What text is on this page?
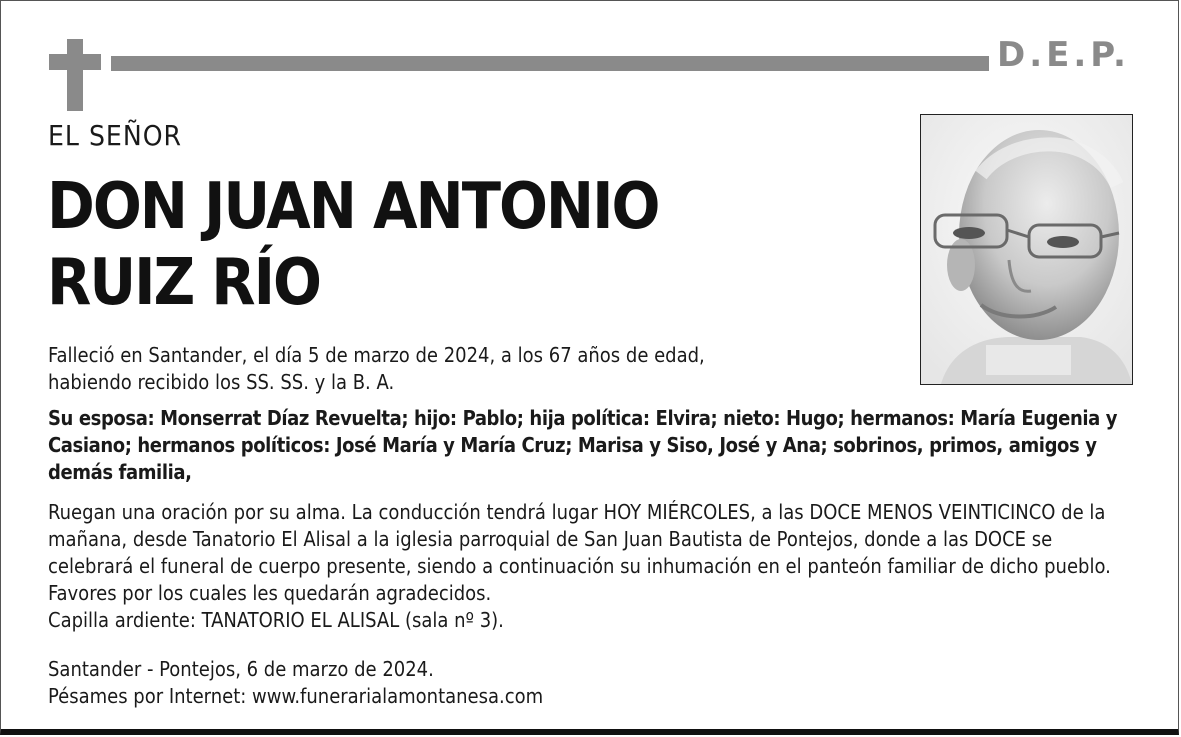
D.E.P.
EL SEÑOR
DON JUAN ANTONIO
RUIZ RÍO

Falleció en Santander, el día 5 de marzo de 2024, a los 67 años de edad,
habiendo recibido los SS. SS. y la B. A.

Su esposa: Monserrat Díaz Revuelta; hijo: Pablo; hija política: Elvira; nieto: Hugo; hermanos: María Eugenia y Casiano; hermanos políticos: José María y María Cruz; Marisa y Siso, José y Ana; sobrinos, primos, amigos y demás familia,

Ruegan una oración por su alma. La conducción tendrá lugar HOY MIÉRCOLES, a las DOCE MENOS VEINTICINCO de la mañana, desde Tanatorio El Alisal a la iglesia parroquial de San Juan Bautista de Pontejos, donde a las DOCE se celebrará el funeral de cuerpo presente, siendo a continuación su inhumación en el panteón familiar de dicho pueblo. Favores por los cuales les quedarán agradecidos.
Capilla ardiente: TANATORIO EL ALISAL (sala nº 3).

Santander - Pontejos, 6 de marzo de 2024.
Pésames por Internet: www.funerarialamontanesa.com
